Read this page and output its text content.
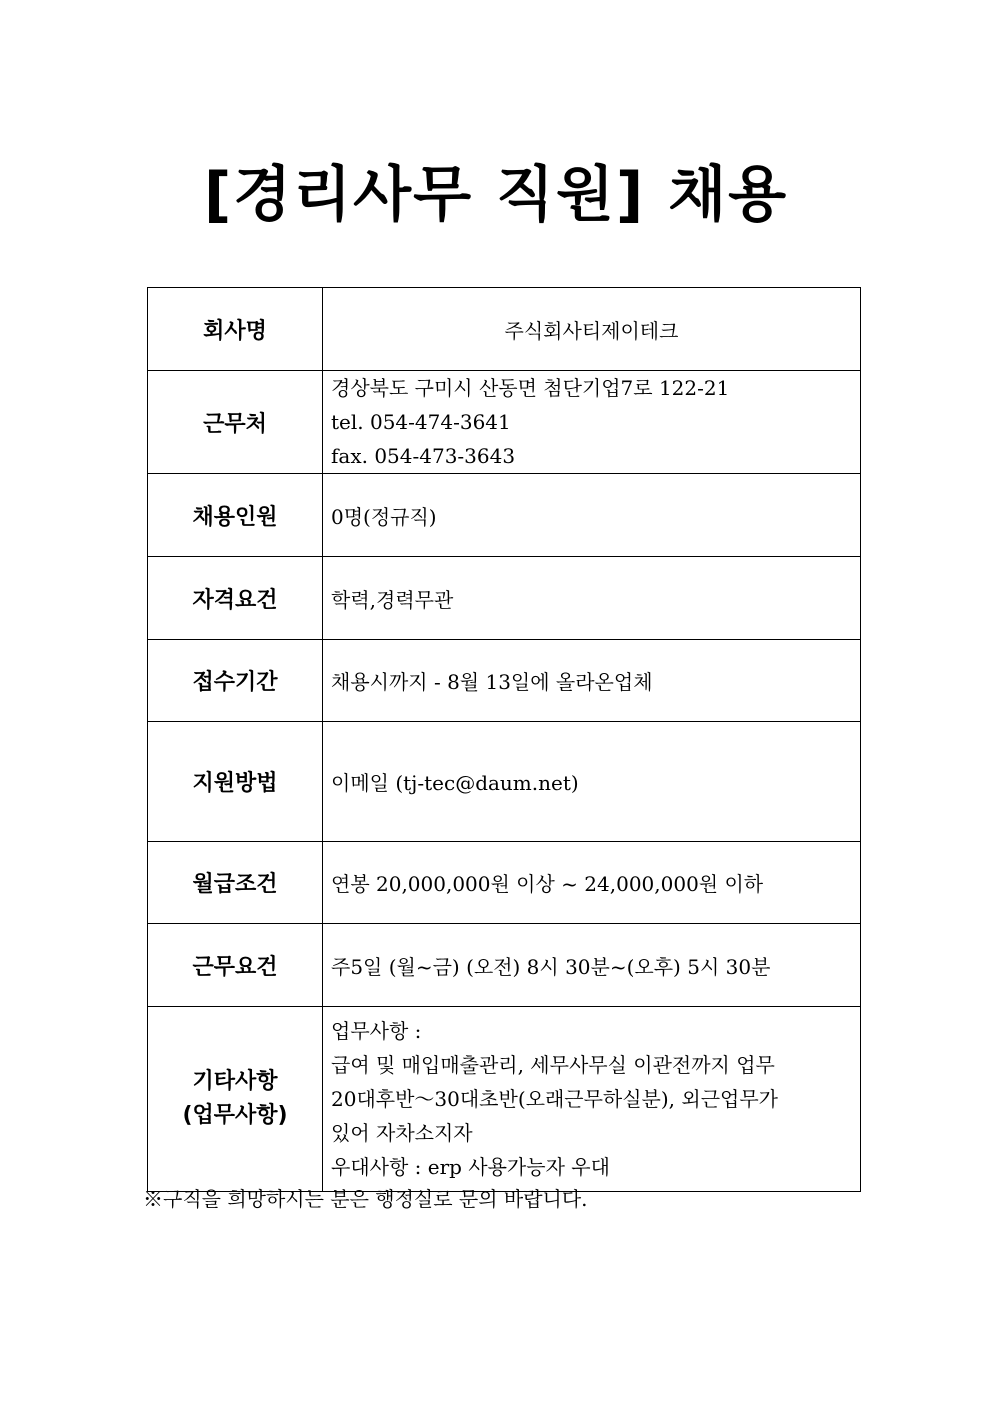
[경리사무 직원] 채용
회사명	주식회사티제이테크
근무처	경상북도 구미시 산동면 첨단기업7로 122-21
tel. 054-474-3641
fax. 054-473-3643

채용인원	0명(정규직)
자격요건	학력,경력무관
접수기간	채용시까지 - 8월 13일에 올라온업체
지원방법	이메일 (tj-tec@daum.net)
월급조건	연봉 20,000,000원 이상 ~ 24,000,000원 이하
근무요건	주5일 (월~금) (오전) 8시 30분~(오후) 5시 30분

기타사항
(업무사항)	업무사항 :
급여 및 매입매출관리, 세무사무실 이관전까지 업무
20대후반～30대초반(오래근무하실분), 외근업무가
있어 자차소지자
우대사항 : erp 사용가능자 우대
※구직을 희망하시는 분은 행정실로 문의 바랍니다.
